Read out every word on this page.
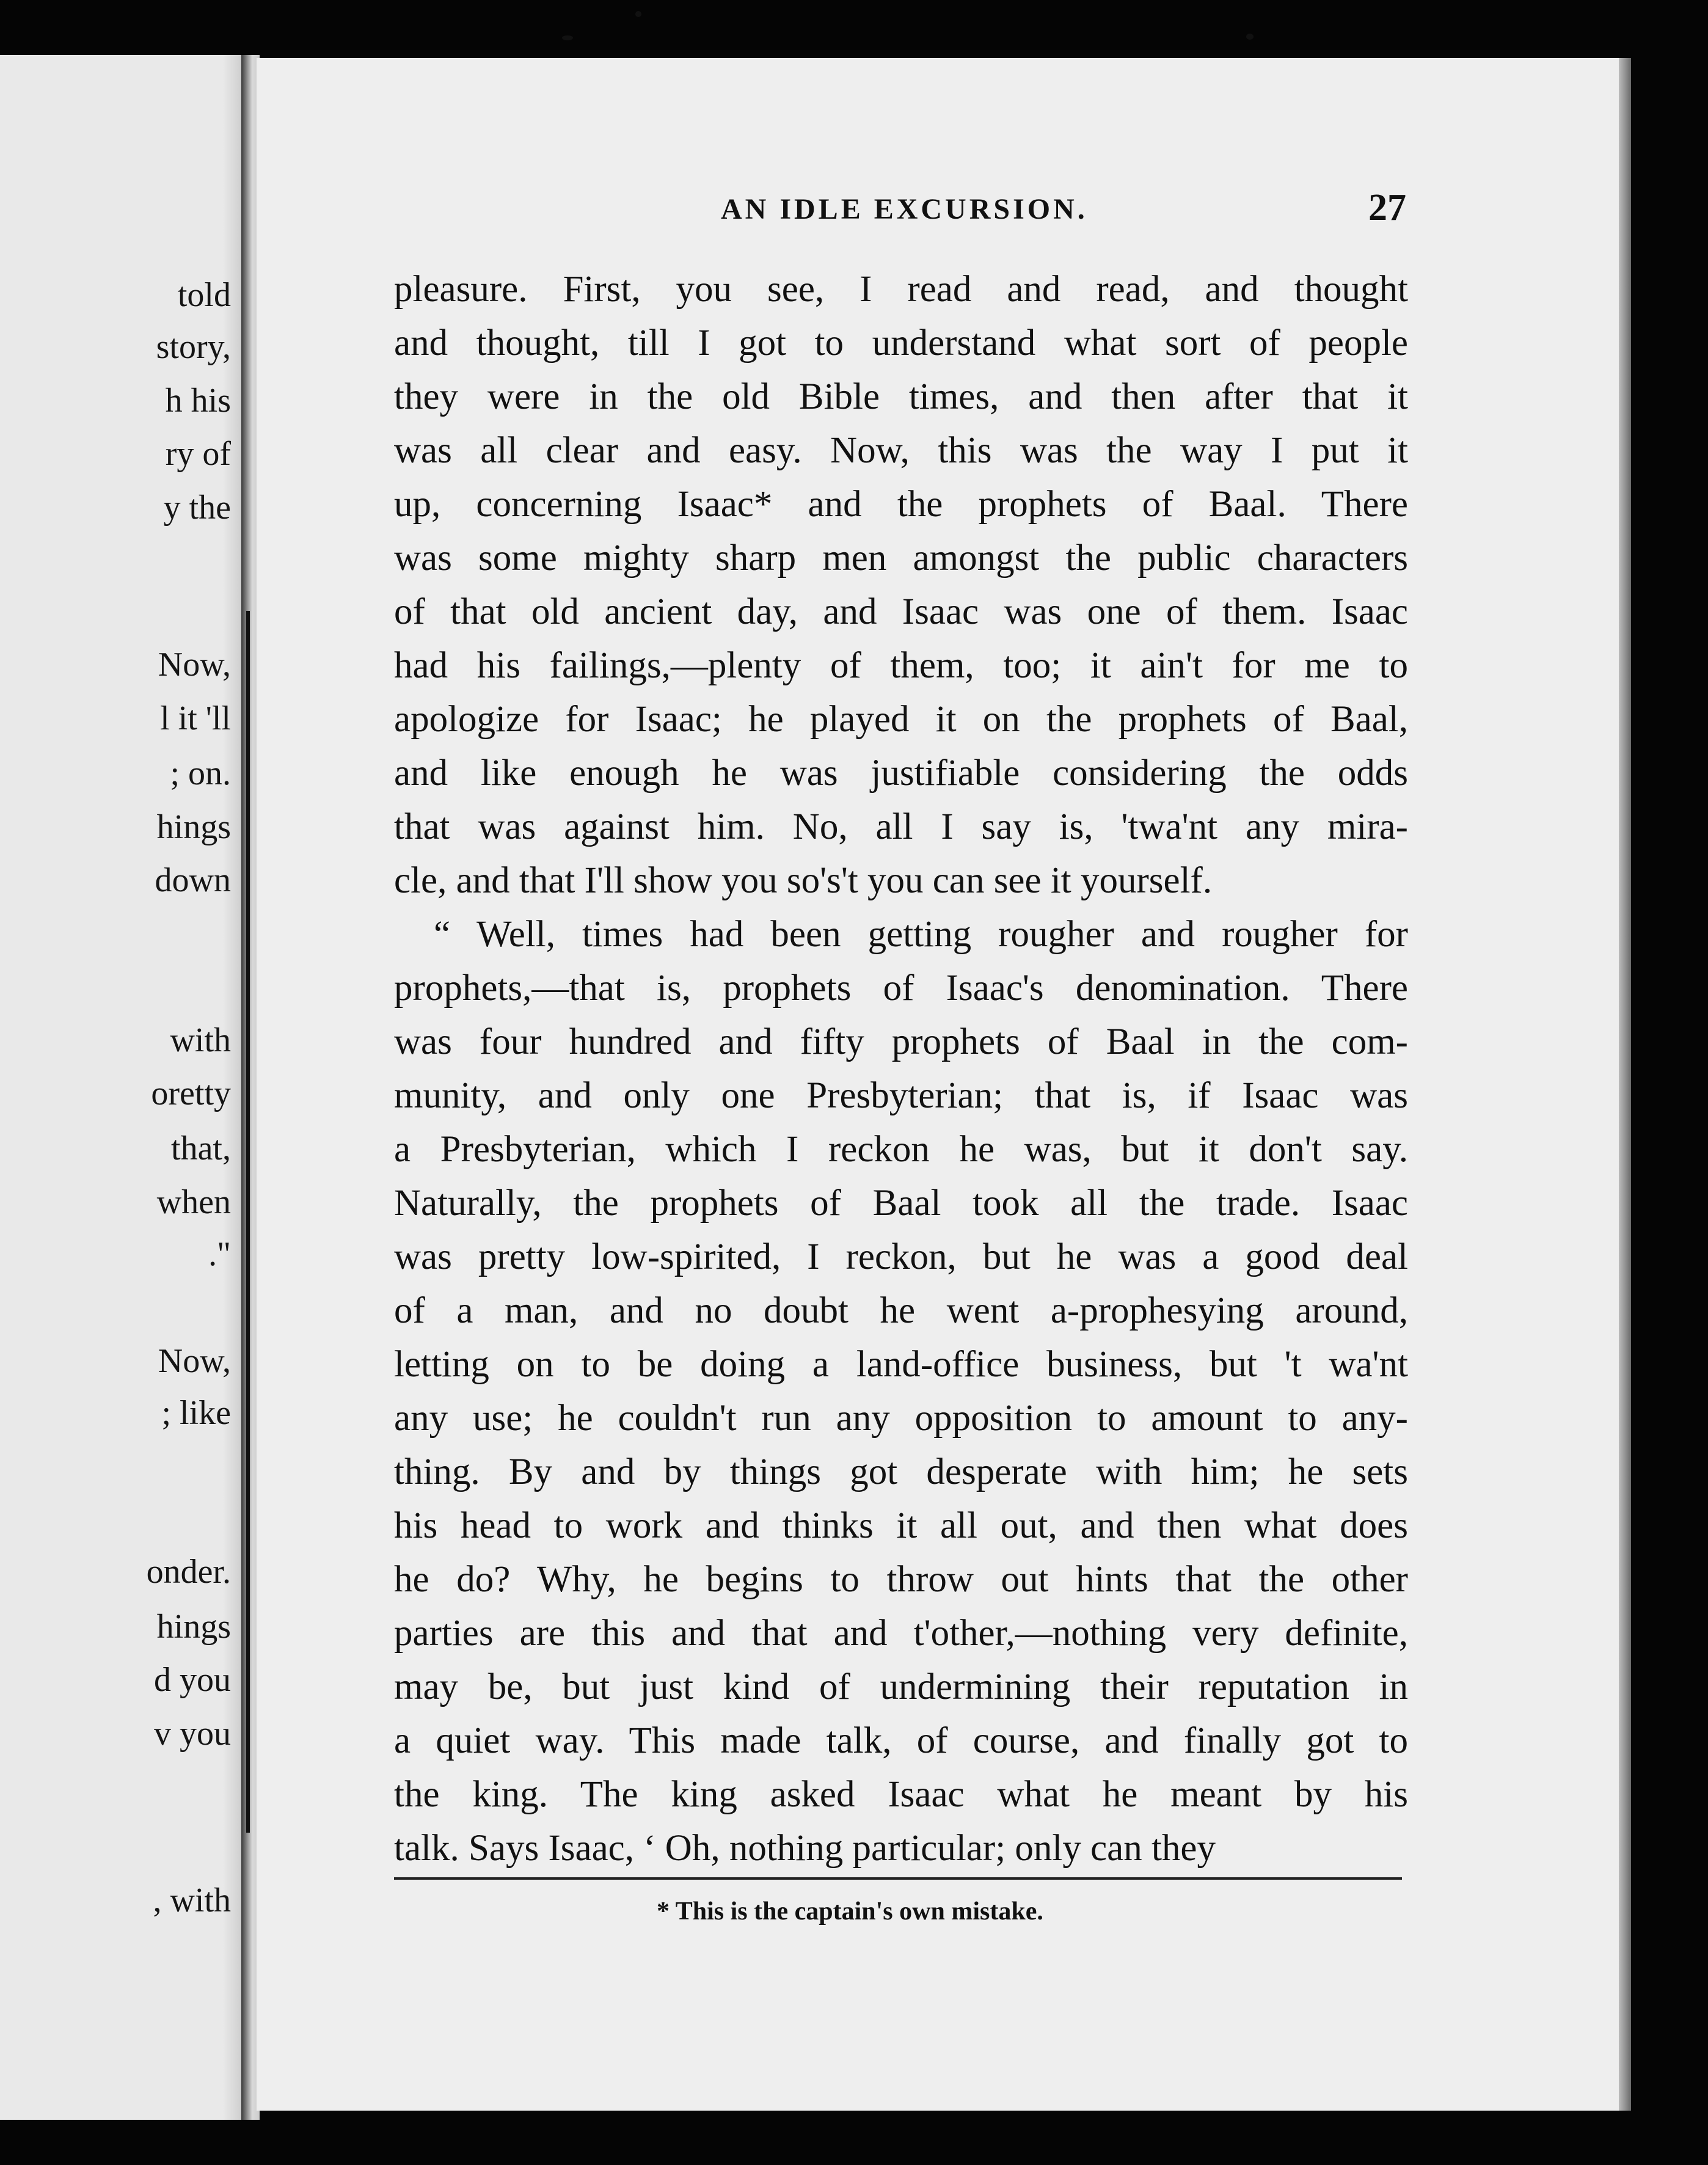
told
story,
h his
ry of
y the
Now,
l it 'll
; on.
hings
down
with
oretty
that,
when
."
Now,
; like
onder.
hings
d you
v you
, with
AN IDLE EXCURSION.	27
pleasure. First, you see, I read and read, and thought
and thought, till I got to understand what sort of people
they were in the old Bible times, and then after that it
was all clear and easy. Now, this was the way I put it
up, concerning Isaac* and the prophets of Baal. There
was some mighty sharp men amongst the public characters
of that old ancient day, and Isaac was one of them. Isaac
had his failings,—plenty of them, too; it ain't for me to
apologize for Isaac; he played it on the prophets of Baal,
and like enough he was justifiable considering the odds
that was against him. No, all I say is, 'twa'nt any mira-
cle, and that I'll show you so's't you can see it yourself.
“ Well, times had been getting rougher and rougher for
prophets,—that is, prophets of Isaac's denomination. There
was four hundred and fifty prophets of Baal in the com-
munity, and only one Presbyterian; that is, if Isaac was
a Presbyterian, which I reckon he was, but it don't say.
Naturally, the prophets of Baal took all the trade. Isaac
was pretty low-spirited, I reckon, but he was a good deal
of a man, and no doubt he went a-prophesying around,
letting on to be doing a land-office business, but 't wa'nt
any use; he couldn't run any opposition to amount to any-
thing. By and by things got desperate with him; he sets
his head to work and thinks it all out, and then what does
he do? Why, he begins to throw out hints that the other
parties are this and that and t'other,—nothing very definite,
may be, but just kind of undermining their reputation in
a quiet way. This made talk, of course, and finally got to
the king. The king asked Isaac what he meant by his
talk. Says Isaac, ‘ Oh, nothing particular; only can they
* This is the captain's own mistake.
